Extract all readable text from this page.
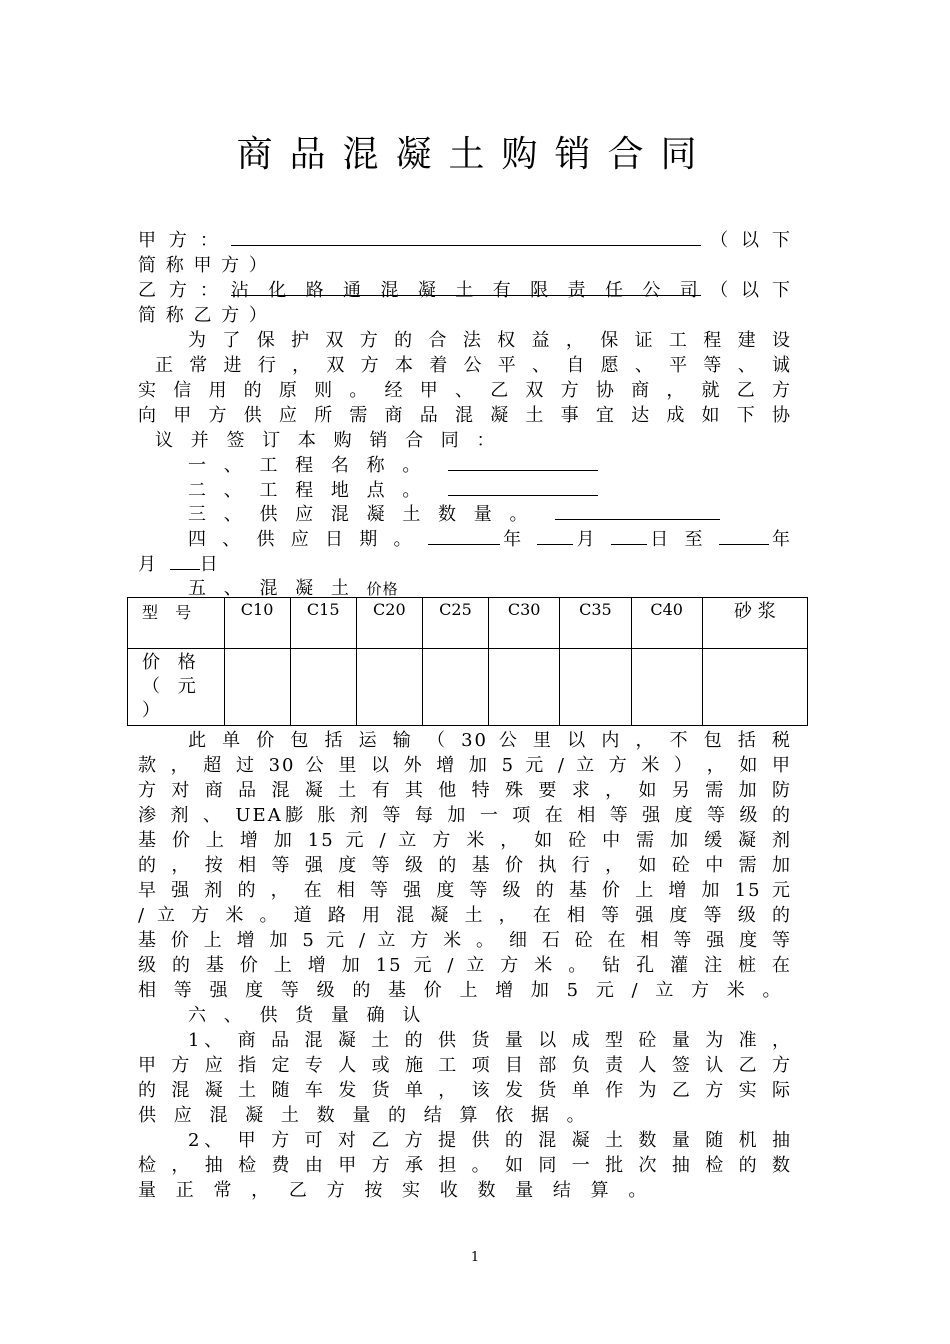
商品混凝土购销合同
甲 方 ：	（ 以 下
简 称 甲 方 ）
乙 方 ： 沾 化 路 通 混 凝 土 有 限 责 任 公 司 （ 以 下
简 称 乙 方 ）
为 了 保 护 双 方 的 合 法 权 益 ， 保 证 工 程 建 设
正 常 进 行 ， 双 方 本 着 公 平 、 自 愿 、 平 等 、 诚
实 信 用 的 原 则 。 经 甲 、 乙 双 方 协 商 ， 就 乙 方
向 甲 方 供 应 所 需 商 品 混 凝 土 事 宜 达 成 如 下 协
议 并 签 订 本 购 销 合 同 ：
一 、 工 程 名 称 。
二 、 工 程 地 点 。
三 、 供 应 混 凝 土 数 量 。
四 、 供 应 日 期 。	年	月	日 至	年
月 日
五 、 混 凝 土 价格
型 号	C10	C15	C20	C25	C30	C35	C40	砂 浆
价 格 （ 元 ）								
此 单 价 包 括 运 输 （ 30 公 里 以 内 ， 不 包 括 税
款 ， 超 过 30 公 里 以 外 增 加 5 元 / 立 方 米 ） ， 如 甲
方 对 商 品 混 凝 土 有 其 他 特 殊 要 求 ， 如 另 需 加 防
渗 剂 、 UEA膨 胀 剂 等 每 加 一 项 在 相 等 强 度 等 级 的
基 价 上 增 加 15 元 / 立 方 米 ， 如 砼 中 需 加 缓 凝 剂
的 ， 按 相 等 强 度 等 级 的 基 价 执 行 ， 如 砼 中 需 加
早 强 剂 的 ， 在 相 等 强 度 等 级 的 基 价 上 增 加 15 元
/ 立 方 米 。 道 路 用 混 凝 土 ， 在 相 等 强 度 等 级 的
基 价 上 增 加 5 元 / 立 方 米 。 细 石 砼 在 相 等 强 度 等
级 的 基 价 上 增 加 15 元 / 立 方 米 。 钻 孔 灌 注 桩 在
相 等 强 度 等 级 的 基 价 上 增 加 5 元 / 立 方 米 。
六 、 供 货 量 确 认
1、 商 品 混 凝 土 的 供 货 量 以 成 型 砼 量 为 准 ，
甲 方 应 指 定 专 人 或 施 工 项 目 部 负 责 人 签 认 乙 方
的 混 凝 土 随 车 发 货 单 ， 该 发 货 单 作 为 乙 方 实 际
供 应 混 凝 土 数 量 的 结 算 依 据 。
2、 甲 方 可 对 乙 方 提 供 的 混 凝 土 数 量 随 机 抽
检 ， 抽 检 费 由 甲 方 承 担 。 如 同 一 批 次 抽 检 的 数
量 正 常 ， 乙 方 按 实 收 数 量 结 算 。
1
